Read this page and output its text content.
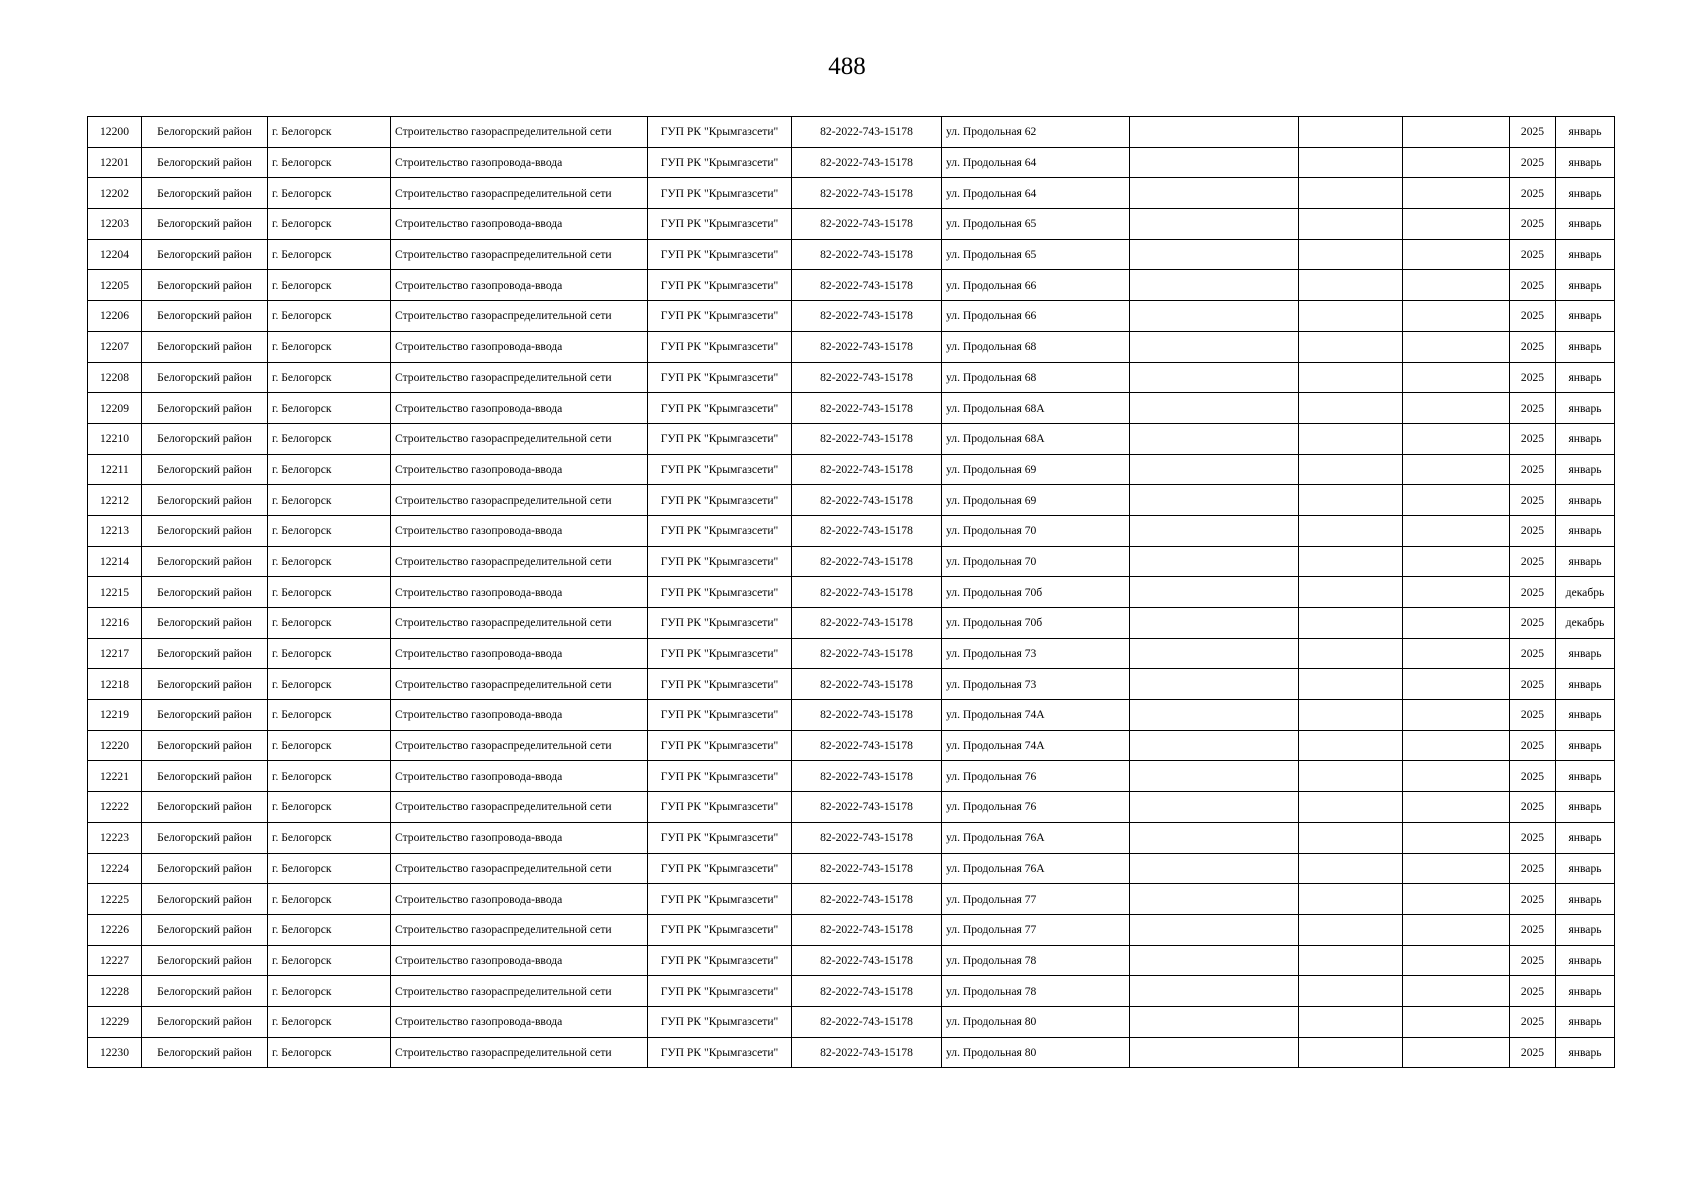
488
12200	Белогорский район	г. Белогорск	Строительство газораспределительной сети	ГУП РК "Крымгазсети"	82-2022-743-15178	ул. Продольная 62				2025	январь
12201	Белогорский район	г. Белогорск	Строительство газопровода-ввода	ГУП РК "Крымгазсети"	82-2022-743-15178	ул. Продольная 64				2025	январь
12202	Белогорский район	г. Белогорск	Строительство газораспределительной сети	ГУП РК "Крымгазсети"	82-2022-743-15178	ул. Продольная 64				2025	январь
12203	Белогорский район	г. Белогорск	Строительство газопровода-ввода	ГУП РК "Крымгазсети"	82-2022-743-15178	ул. Продольная 65				2025	январь
12204	Белогорский район	г. Белогорск	Строительство газораспределительной сети	ГУП РК "Крымгазсети"	82-2022-743-15178	ул. Продольная 65				2025	январь
12205	Белогорский район	г. Белогорск	Строительство газопровода-ввода	ГУП РК "Крымгазсети"	82-2022-743-15178	ул. Продольная 66				2025	январь
12206	Белогорский район	г. Белогорск	Строительство газораспределительной сети	ГУП РК "Крымгазсети"	82-2022-743-15178	ул. Продольная 66				2025	январь
12207	Белогорский район	г. Белогорск	Строительство газопровода-ввода	ГУП РК "Крымгазсети"	82-2022-743-15178	ул. Продольная 68				2025	январь
12208	Белогорский район	г. Белогорск	Строительство газораспределительной сети	ГУП РК "Крымгазсети"	82-2022-743-15178	ул. Продольная 68				2025	январь
12209	Белогорский район	г. Белогорск	Строительство газопровода-ввода	ГУП РК "Крымгазсети"	82-2022-743-15178	ул. Продольная 68А				2025	январь
12210	Белогорский район	г. Белогорск	Строительство газораспределительной сети	ГУП РК "Крымгазсети"	82-2022-743-15178	ул. Продольная 68А				2025	январь
12211	Белогорский район	г. Белогорск	Строительство газопровода-ввода	ГУП РК "Крымгазсети"	82-2022-743-15178	ул. Продольная 69				2025	январь
12212	Белогорский район	г. Белогорск	Строительство газораспределительной сети	ГУП РК "Крымгазсети"	82-2022-743-15178	ул. Продольная 69				2025	январь
12213	Белогорский район	г. Белогорск	Строительство газопровода-ввода	ГУП РК "Крымгазсети"	82-2022-743-15178	ул. Продольная 70				2025	январь
12214	Белогорский район	г. Белогорск	Строительство газораспределительной сети	ГУП РК "Крымгазсети"	82-2022-743-15178	ул. Продольная 70				2025	январь
12215	Белогорский район	г. Белогорск	Строительство газопровода-ввода	ГУП РК "Крымгазсети"	82-2022-743-15178	ул. Продольная 70б				2025	декабрь
12216	Белогорский район	г. Белогорск	Строительство газораспределительной сети	ГУП РК "Крымгазсети"	82-2022-743-15178	ул. Продольная 70б				2025	декабрь
12217	Белогорский район	г. Белогорск	Строительство газопровода-ввода	ГУП РК "Крымгазсети"	82-2022-743-15178	ул. Продольная 73				2025	январь
12218	Белогорский район	г. Белогорск	Строительство газораспределительной сети	ГУП РК "Крымгазсети"	82-2022-743-15178	ул. Продольная 73				2025	январь
12219	Белогорский район	г. Белогорск	Строительство газопровода-ввода	ГУП РК "Крымгазсети"	82-2022-743-15178	ул. Продольная 74А				2025	январь
12220	Белогорский район	г. Белогорск	Строительство газораспределительной сети	ГУП РК "Крымгазсети"	82-2022-743-15178	ул. Продольная 74А				2025	январь
12221	Белогорский район	г. Белогорск	Строительство газопровода-ввода	ГУП РК "Крымгазсети"	82-2022-743-15178	ул. Продольная 76				2025	январь
12222	Белогорский район	г. Белогорск	Строительство газораспределительной сети	ГУП РК "Крымгазсети"	82-2022-743-15178	ул. Продольная 76				2025	январь
12223	Белогорский район	г. Белогорск	Строительство газопровода-ввода	ГУП РК "Крымгазсети"	82-2022-743-15178	ул. Продольная 76А				2025	январь
12224	Белогорский район	г. Белогорск	Строительство газораспределительной сети	ГУП РК "Крымгазсети"	82-2022-743-15178	ул. Продольная 76А				2025	январь
12225	Белогорский район	г. Белогорск	Строительство газопровода-ввода	ГУП РК "Крымгазсети"	82-2022-743-15178	ул. Продольная 77				2025	январь
12226	Белогорский район	г. Белогорск	Строительство газораспределительной сети	ГУП РК "Крымгазсети"	82-2022-743-15178	ул. Продольная 77				2025	январь
12227	Белогорский район	г. Белогорск	Строительство газопровода-ввода	ГУП РК "Крымгазсети"	82-2022-743-15178	ул. Продольная 78				2025	январь
12228	Белогорский район	г. Белогорск	Строительство газораспределительной сети	ГУП РК "Крымгазсети"	82-2022-743-15178	ул. Продольная 78				2025	январь
12229	Белогорский район	г. Белогорск	Строительство газопровода-ввода	ГУП РК "Крымгазсети"	82-2022-743-15178	ул. Продольная 80				2025	январь
12230	Белогорский район	г. Белогорск	Строительство газораспределительной сети	ГУП РК "Крымгазсети"	82-2022-743-15178	ул. Продольная 80				2025	январь
